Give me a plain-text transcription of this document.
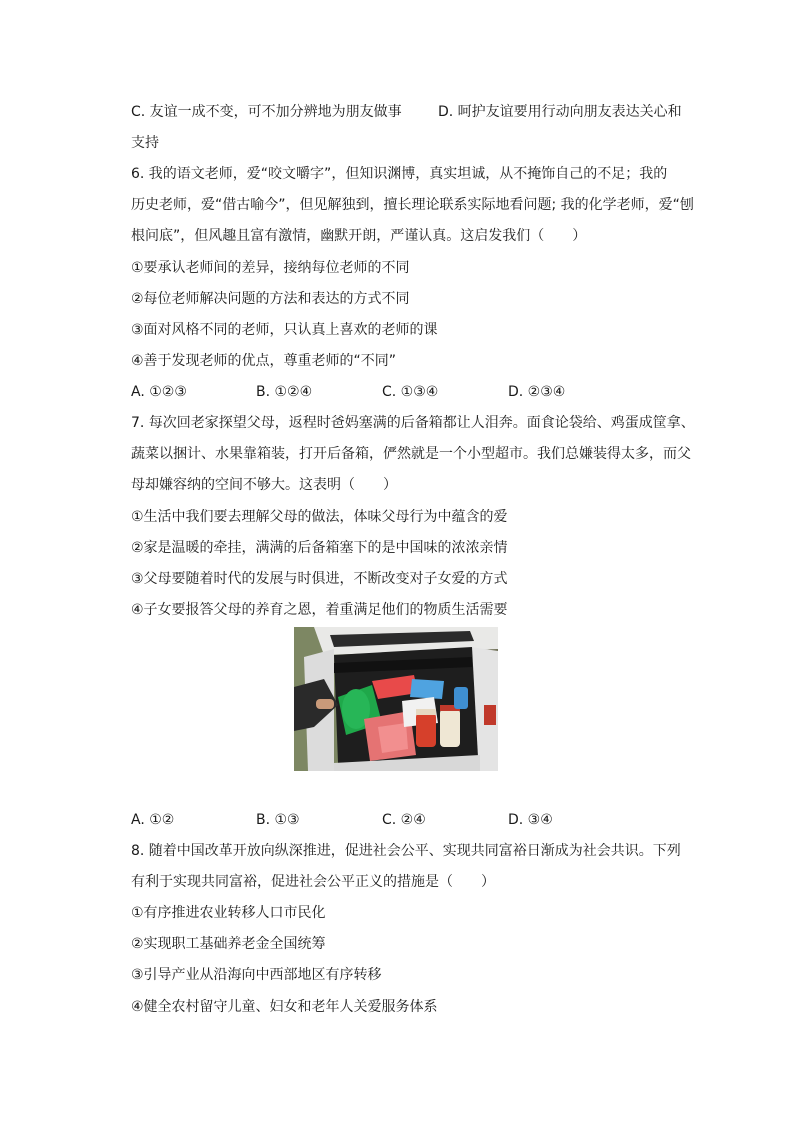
C. 友谊一成不变，可不加分辨地为朋友做事	D. 呵护友谊要用行动向朋友表达关心和
支持
6. 我的语文老师，爱“咬文嚼字”，但知识渊博，真实坦诚，从不掩饰自己的不足；我的
历史老师，爱“借古喻今”，但见解独到，擅长理论联系实际地看问题; 我的化学老师，爱“刨
根问底”，但风趣且富有激情，幽默开朗，严谨认真。这启发我们（　　）
①要承认老师间的差异，接纳每位老师的不同
②每位老师解决问题的方法和表达的方式不同
③面对风格不同的老师，只认真上喜欢的老师的课
④善于发现老师的优点，尊重老师的“不同”
A. ①②③	B. ①②④	C. ①③④	D. ②③④
7. 每次回老家探望父母，返程时爸妈塞满的后备箱都让人泪奔。面食论袋给、鸡蛋成筐拿、
蔬菜以捆计、水果靠箱装，打开后备箱，俨然就是一个小型超市。我们总嫌装得太多，而父
母却嫌容纳的空间不够大。这表明（　　）
①生活中我们要去理解父母的做法，体味父母行为中蕴含的爱
②家是温暖的牵挂，满满的后备箱塞下的是中国味的浓浓亲情
③父母要随着时代的发展与时俱进，不断改变对子女爱的方式
④子女要报答父母的养育之恩，着重满足他们的物质生活需要
A. ①②	B. ①③	C. ②④	D. ③④
8. 随着中国改革开放向纵深推进，促进社会公平、实现共同富裕日渐成为社会共识。下列
有利于实现共同富裕，促进社会公平正义的措施是（　　）
①有序推进农业转移人口市民化
②实现职工基础养老金全国统筹
③引导产业从沿海向中西部地区有序转移
④健全农村留守儿童、妇女和老年人关爱服务体系
